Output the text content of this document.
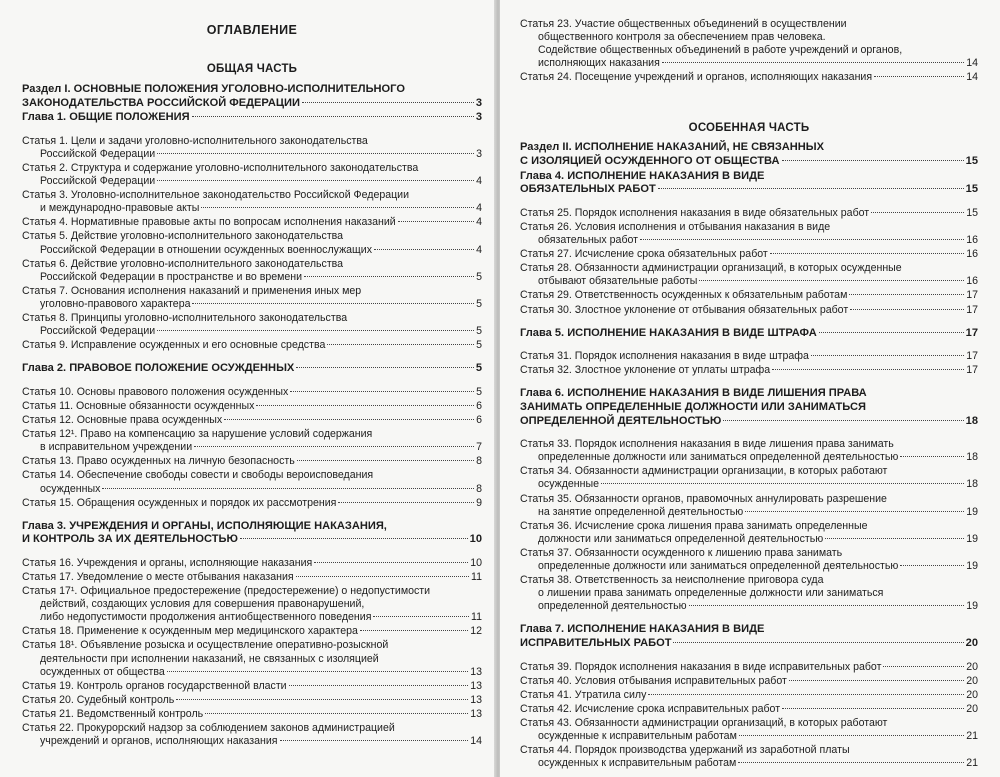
ОГЛАВЛЕНИЕ
ОБЩАЯ ЧАСТЬ
Раздел I. ОСНОВНЫЕ ПОЛОЖЕНИЯ УГОЛОВНО-ИСПОЛНИТЕЛЬНОГО
ЗАКОНОДАТЕЛЬСТВА РОССИЙСКОЙ ФЕДЕРАЦИИ	3
Глава 1. ОБЩИЕ ПОЛОЖЕНИЯ	3
Статья 1. Цели и задачи уголовно-исполнительного законодательства
Российской Федерации	3
Статья 2. Структура и содержание уголовно-исполнительного законодательства
Российской Федерации	4
Статья 3. Уголовно-исполнительное законодательство Российской Федерации
и международно-правовые акты	4
Статья 4. Нормативные правовые акты по вопросам исполнения наказаний	4
Статья 5. Действие уголовно-исполнительного законодательства
Российской Федерации в отношении осужденных военнослужащих	4
Статья 6. Действие уголовно-исполнительного законодательства
Российской Федерации в пространстве и во времени	5
Статья 7. Основания исполнения наказаний и применения иных мер
уголовно-правового характера	5
Статья 8. Принципы уголовно-исполнительного законодательства
Российской Федерации	5
Статья 9. Исправление осужденных и его основные средства	5
Глава 2. ПРАВОВОЕ ПОЛОЖЕНИЕ ОСУЖДЕННЫХ	5
Статья 10. Основы правового положения осужденных	5
Статья 11. Основные обязанности осужденных	6
Статья 12. Основные права осужденных	6
Статья 12¹. Право на компенсацию за нарушение условий содержания
в исправительном учреждении	7
Статья 13. Право осужденных на личную безопасность	8
Статья 14. Обеспечение свободы совести и свободы вероисповедания
осужденных	8
Статья 15. Обращения осужденных и порядок их рассмотрения	9
Глава 3. УЧРЕЖДЕНИЯ И ОРГАНЫ, ИСПОЛНЯЮЩИЕ НАКАЗАНИЯ,
И КОНТРОЛЬ ЗА ИХ ДЕЯТЕЛЬНОСТЬЮ	10
Статья 16. Учреждения и органы, исполняющие наказания	10
Статья 17. Уведомление о месте отбывания наказания	11
Статья 17¹. Официальное предостережение (предостережение) о недопустимости
действий, создающих условия для совершения правонарушений,
либо недопустимости продолжения антиобщественного поведения	11
Статья 18. Применение к осужденным мер медицинского характера	12
Статья 18¹. Объявление розыска и осуществление оперативно-розыскной
деятельности при исполнении наказаний, не связанных с изоляцией
осужденных от общества	13
Статья 19. Контроль органов государственной власти	13
Статья 20. Судебный контроль	13
Статья 21. Ведомственный контроль	13
Статья 22. Прокурорский надзор за соблюдением законов администрацией
учреждений и органов, исполняющих наказания	14
Статья 23. Участие общественных объединений в осуществлении
общественного контроля за обеспечением прав человека.
Содействие общественных объединений в работе учреждений и органов,
исполняющих наказания	14
Статья 24. Посещение учреждений и органов, исполняющих наказания	14
ОСОБЕННАЯ ЧАСТЬ
Раздел II. ИСПОЛНЕНИЕ НАКАЗАНИЙ, НЕ СВЯЗАННЫХ
С ИЗОЛЯЦИЕЙ ОСУЖДЕННОГО ОТ ОБЩЕСТВА	15
Глава 4. ИСПОЛНЕНИЕ НАКАЗАНИЯ В ВИДЕ
ОБЯЗАТЕЛЬНЫХ РАБОТ	15
Статья 25. Порядок исполнения наказания в виде обязательных работ	15
Статья 26. Условия исполнения и отбывания наказания в виде
обязательных работ	16
Статья 27. Исчисление срока обязательных работ	16
Статья 28. Обязанности администрации организаций, в которых осужденные
отбывают обязательные работы	16
Статья 29. Ответственность осужденных к обязательным работам	17
Статья 30. Злостное уклонение от отбывания обязательных работ	17
Глава 5. ИСПОЛНЕНИЕ НАКАЗАНИЯ В ВИДЕ ШТРАФА	17
Статья 31. Порядок исполнения наказания в виде штрафа	17
Статья 32. Злостное уклонение от уплаты штрафа	17
Глава 6. ИСПОЛНЕНИЕ НАКАЗАНИЯ В ВИДЕ ЛИШЕНИЯ ПРАВА
ЗАНИМАТЬ ОПРЕДЕЛЕННЫЕ ДОЛЖНОСТИ ИЛИ ЗАНИМАТЬСЯ
ОПРЕДЕЛЕННОЙ ДЕЯТЕЛЬНОСТЬЮ	18
Статья 33. Порядок исполнения наказания в виде лишения права занимать
определенные должности или заниматься определенной деятельностью	18
Статья 34. Обязанности администрации организации, в которых работают
осужденные	18
Статья 35. Обязанности органов, правомочных аннулировать разрешение
на занятие определенной деятельностью	19
Статья 36. Исчисление срока лишения права занимать определенные
должности или заниматься определенной деятельностью	19
Статья 37. Обязанности осужденного к лишению права занимать
определенные должности или заниматься определенной деятельностью	19
Статья 38. Ответственность за неисполнение приговора суда
о лишении права занимать определенные должности или заниматься
определенной деятельностью	19
Глава 7. ИСПОЛНЕНИЕ НАКАЗАНИЯ В ВИДЕ
ИСПРАВИТЕЛЬНЫХ РАБОТ	20
Статья 39. Порядок исполнения наказания в виде исправительных работ	20
Статья 40. Условия отбывания исправительных работ	20
Статья 41. Утратила силу	20
Статья 42. Исчисление срока исправительных работ	20
Статья 43. Обязанности администрации организаций, в которых работают
осужденные к исправительным работам	21
Статья 44. Порядок производства удержаний из заработной платы
осужденных к исправительным работам	21
